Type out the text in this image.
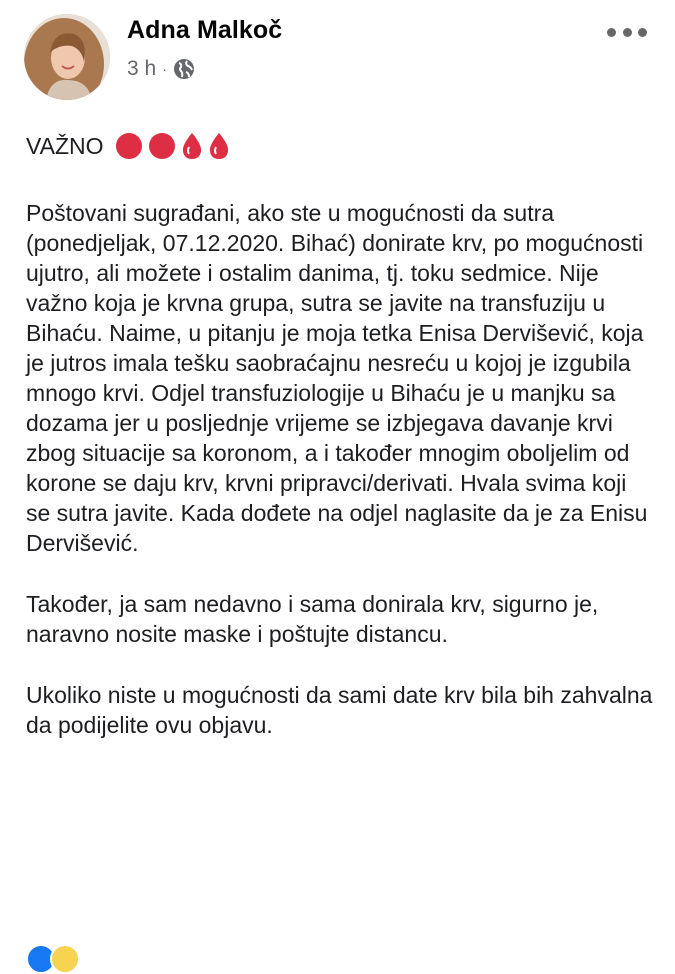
Adna Malkoč
3 h ·

VAŽNO

Poštovani sugrađani, ako ste u mogućnosti da sutra (ponedjeljak, 07.12.2020. Bihać) donirate krv, po mogućnosti ujutro, ali možete i ostalim danima, tj. toku sedmice. Nije važno koja je krvna grupa, sutra se javite na transfuziju u Bihaću. Naime, u pitanju je moja tetka Enisa Dervišević, koja je jutros imala tešku saobraćajnu nesreću u kojoj je izgubila mnogo krvi. Odjel transfuziologije u Bihaću je u manjku sa dozama jer u posljednje vrijeme se izbjegava davanje krvi zbog situacije sa koronom, a i također mnogim oboljelim od korone se daju krv, krvni pripravci/derivati. Hvala svima koji se sutra javite. Kada dođete na odjel naglasite da je za Enisu Dervišević.

Također, ja sam nedavno i sama donirala krv, sigurno je, naravno nosite maske i poštujte distancu.

Ukoliko niste u mogućnosti da sami date krv bila bih zahvalna da podijelite ovu objavu.
